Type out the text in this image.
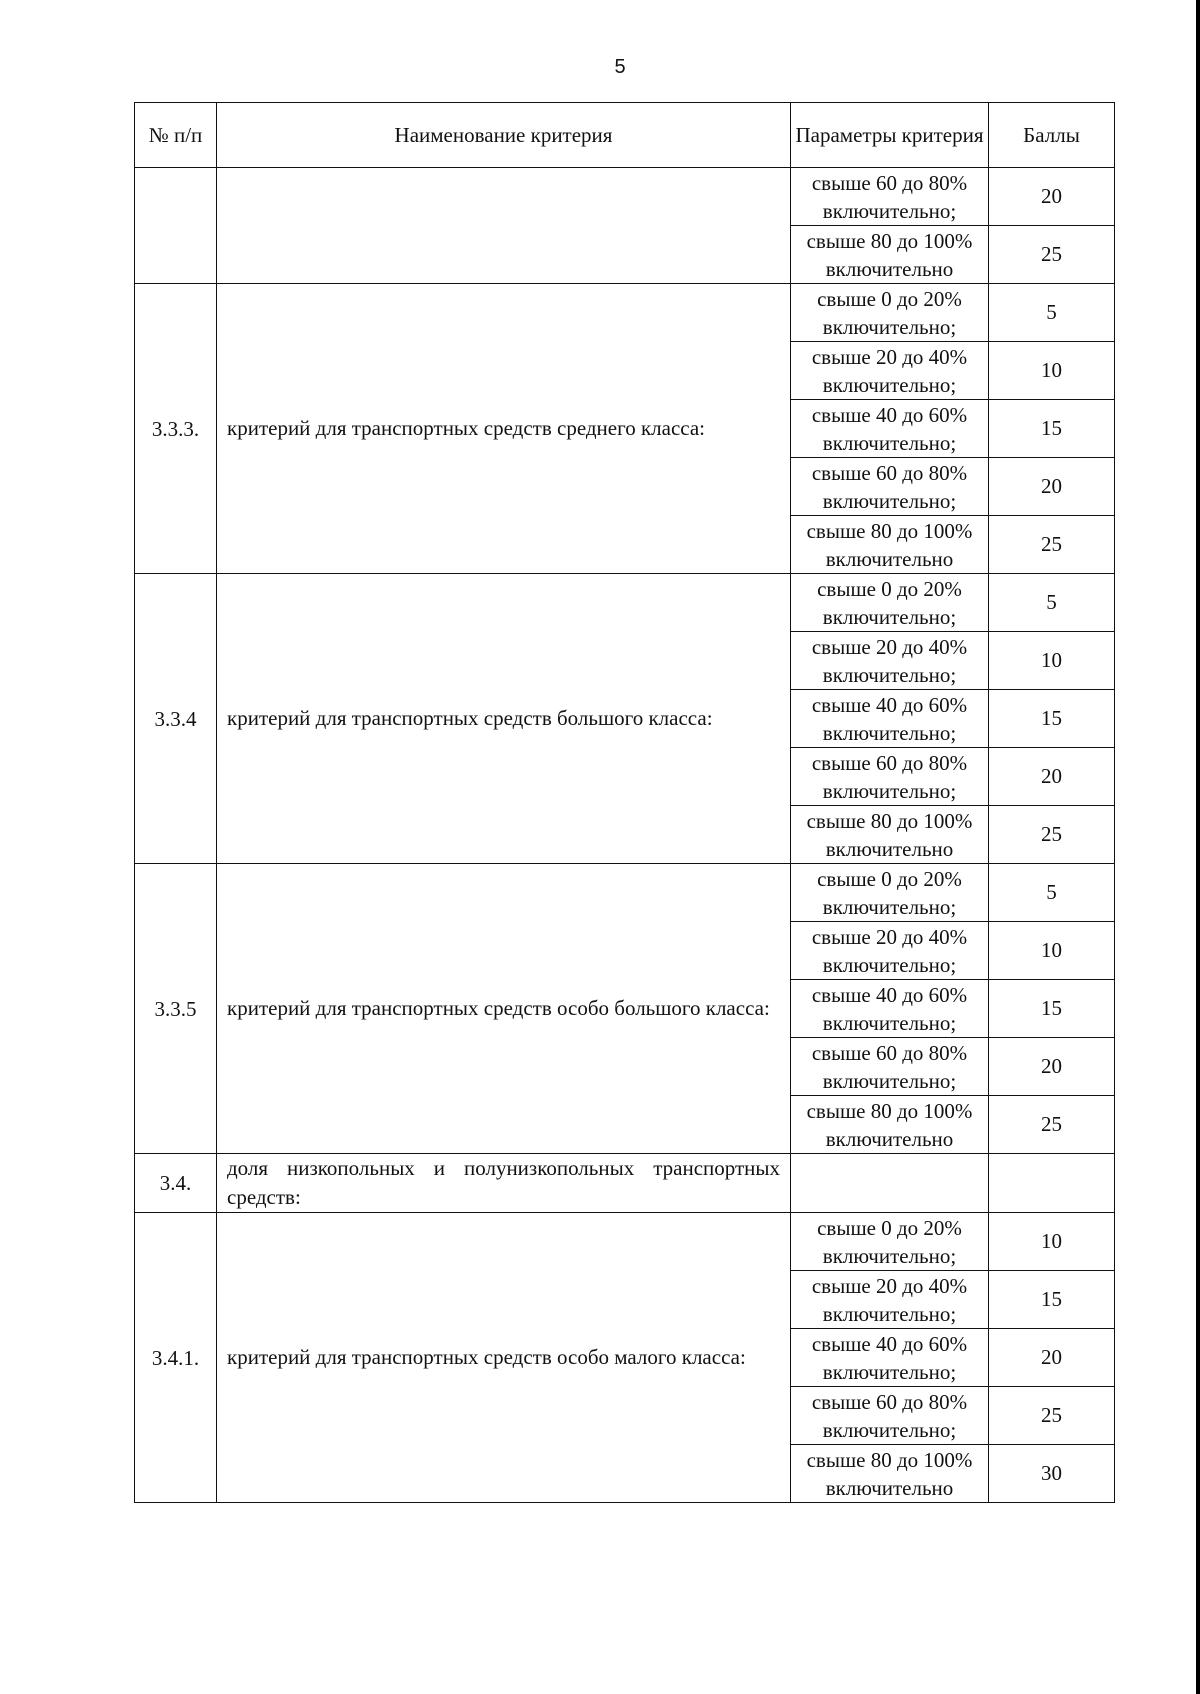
5
№ п/п	Наименование критерия	Параметры критерия	Баллы
		свыше 60 до 80% включительно;	20
		свыше 80 до 100% включительно	25
3.3.3.	критерий для транспортных средств среднего класса:	свыше 0 до 20% включительно;	5
		свыше 20 до 40% включительно;	10
		свыше 40 до 60% включительно;	15
		свыше 60 до 80% включительно;	20
		свыше 80 до 100% включительно	25
3.3.4	критерий для транспортных средств большого класса:	свыше 0 до 20% включительно;	5
		свыше 20 до 40% включительно;	10
		свыше 40 до 60% включительно;	15
		свыше 60 до 80% включительно;	20
		свыше 80 до 100% включительно	25
3.3.5	критерий для транспортных средств особо большого класса:	свыше 0 до 20% включительно;	5
		свыше 20 до 40% включительно;	10
		свыше 40 до 60% включительно;	15
		свыше 60 до 80% включительно;	20
		свыше 80 до 100% включительно	25
3.4.	доля низкопольных и полунизкопольных транспортных средств:		

3.4.1.	критерий для транспортных средств особо малого класса:	свыше 0 до 20% включительно;	10
		свыше 20 до 40% включительно;	15
		свыше 40 до 60% включительно;	20
		свыше 60 до 80% включительно;	25
		свыше 80 до 100% включительно	30
